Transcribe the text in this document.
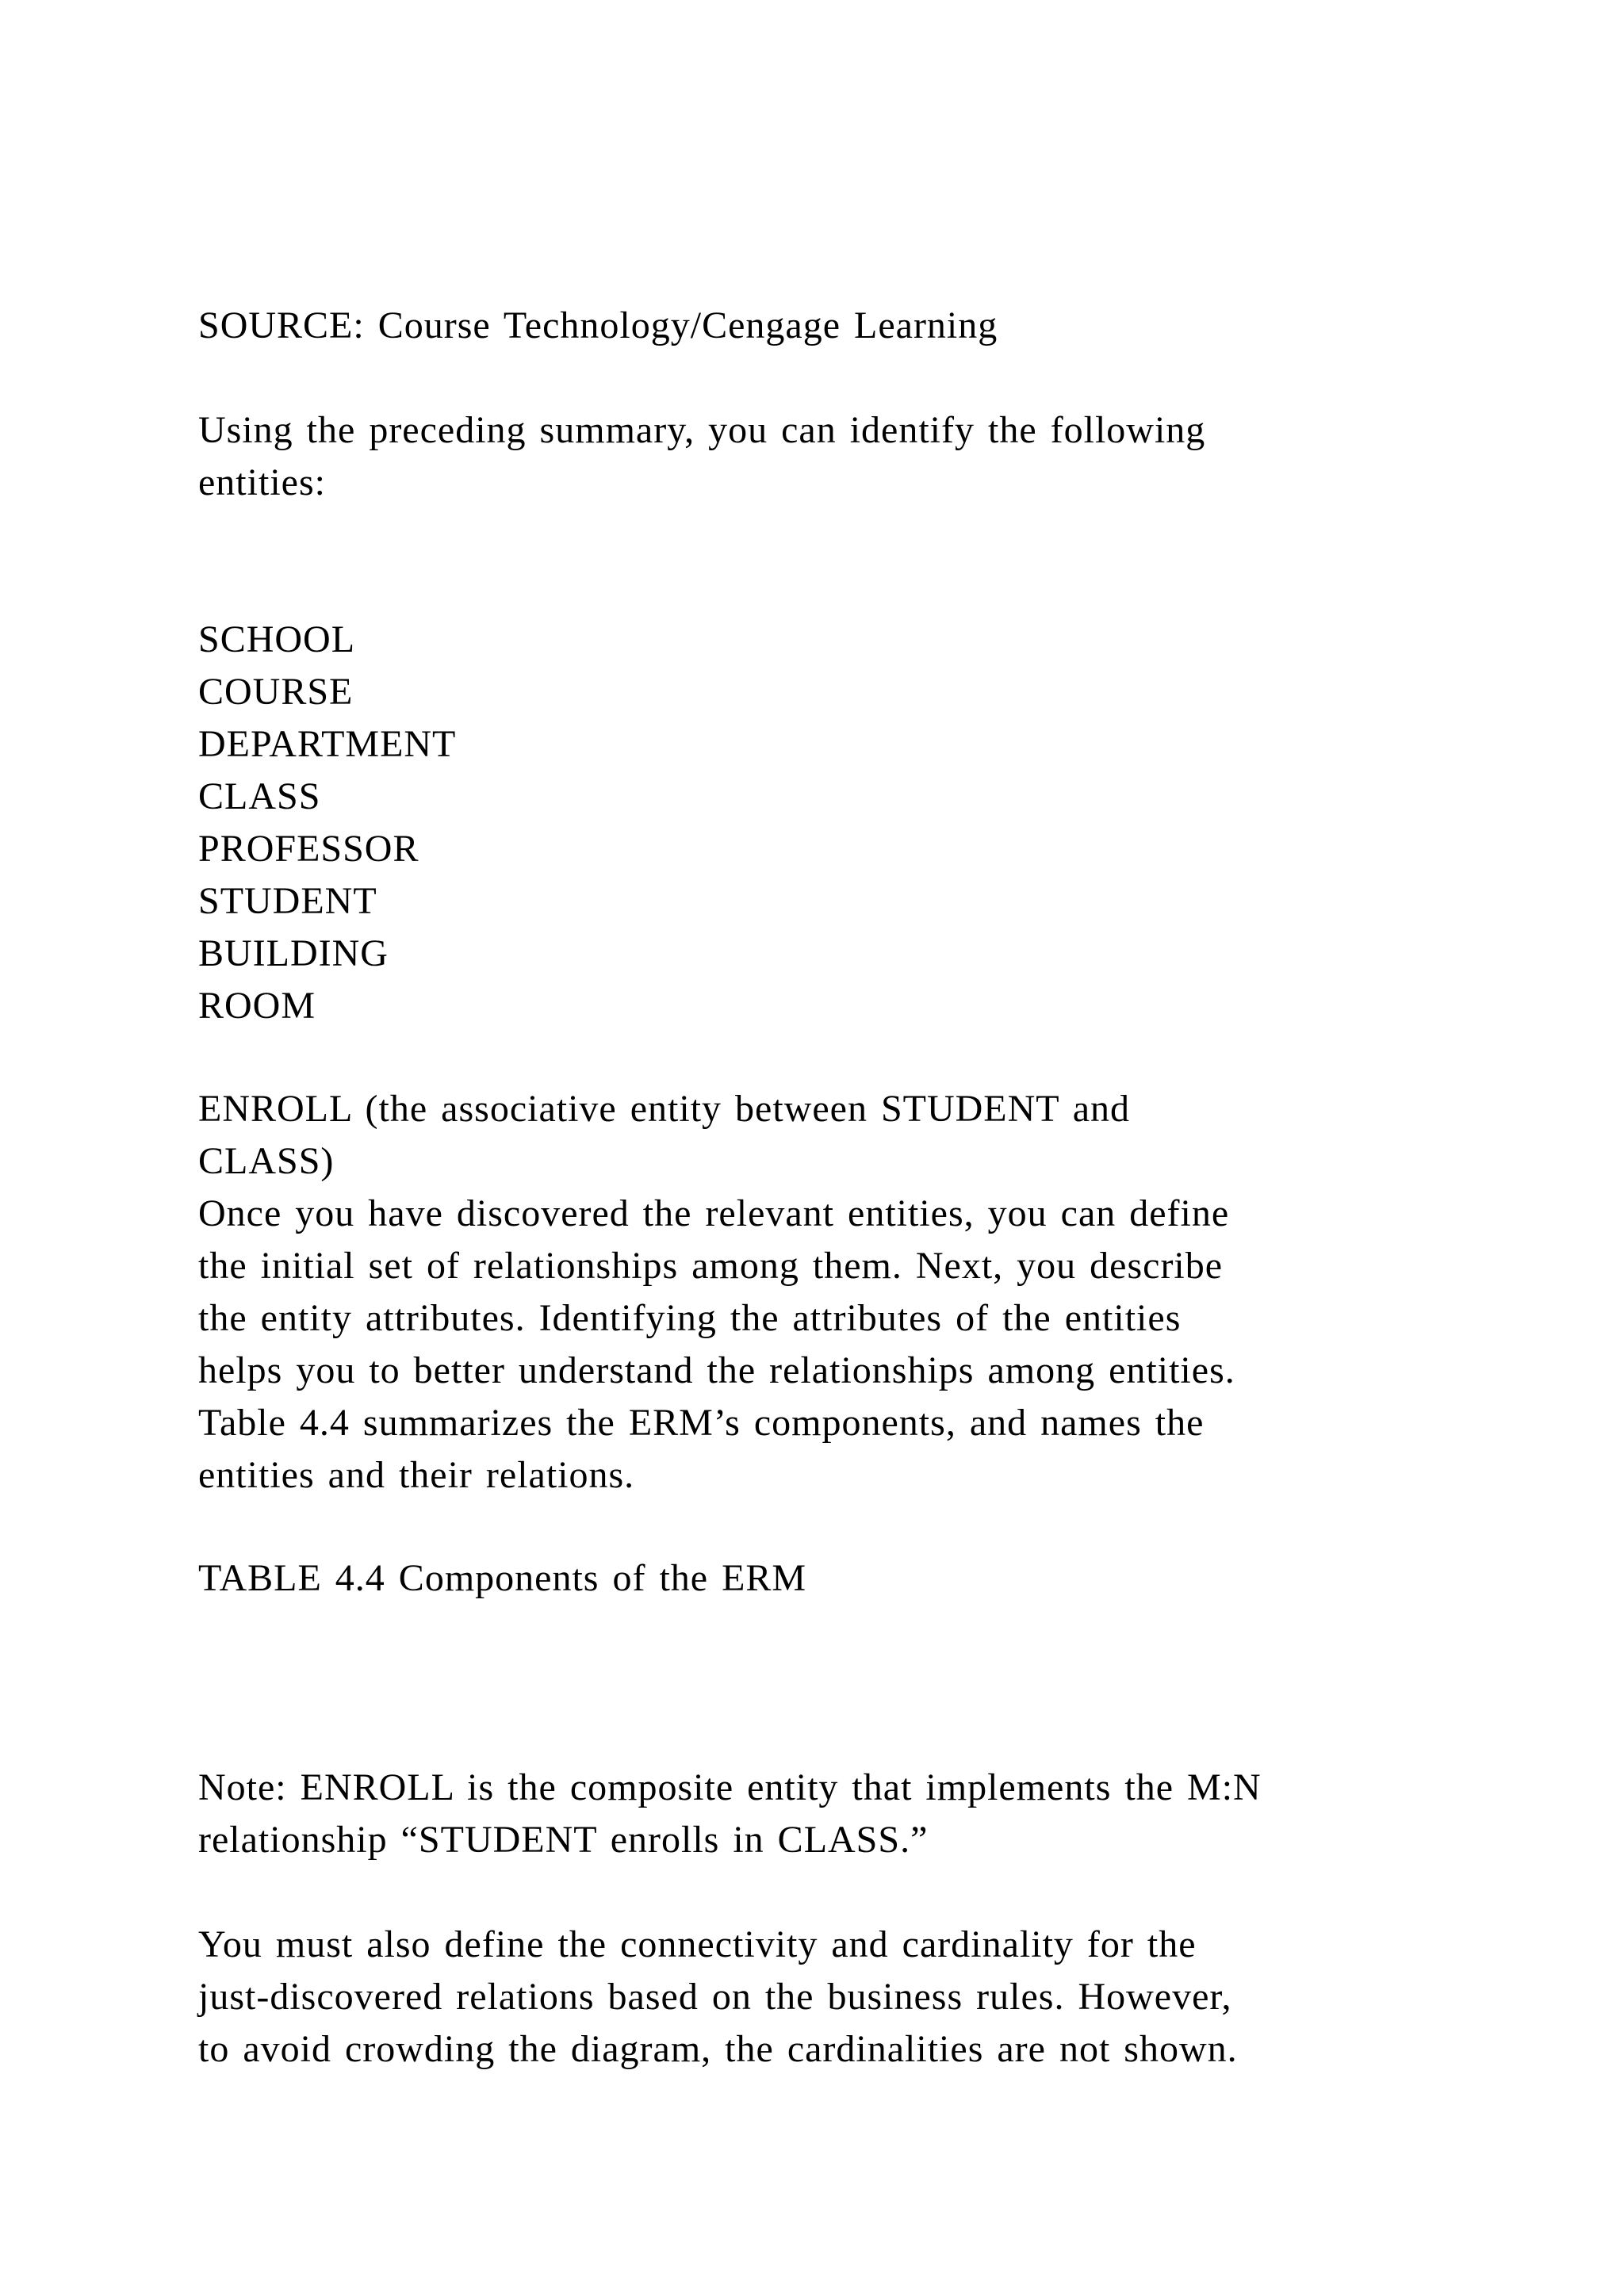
SOURCE: Course Technology/Cengage Learning
Using the preceding summary, you can identify the following
entities:
SCHOOL
COURSE
DEPARTMENT
CLASS
PROFESSOR
STUDENT
BUILDING
ROOM
ENROLL (the associative entity between STUDENT and
CLASS)
Once you have discovered the relevant entities, you can define
the initial set of relationships among them. Next, you describe
the entity attributes. Identifying the attributes of the entities
helps you to better understand the relationships among entities.
Table 4.4 summarizes the ERM’s components, and names the
entities and their relations.
TABLE 4.4 Components of the ERM
Note: ENROLL is the composite entity that implements the M:N
relationship “STUDENT enrolls in CLASS.”
You must also define the connectivity and cardinality for the
just-discovered relations based on the business rules. However,
to avoid crowding the diagram, the cardinalities are not shown.
